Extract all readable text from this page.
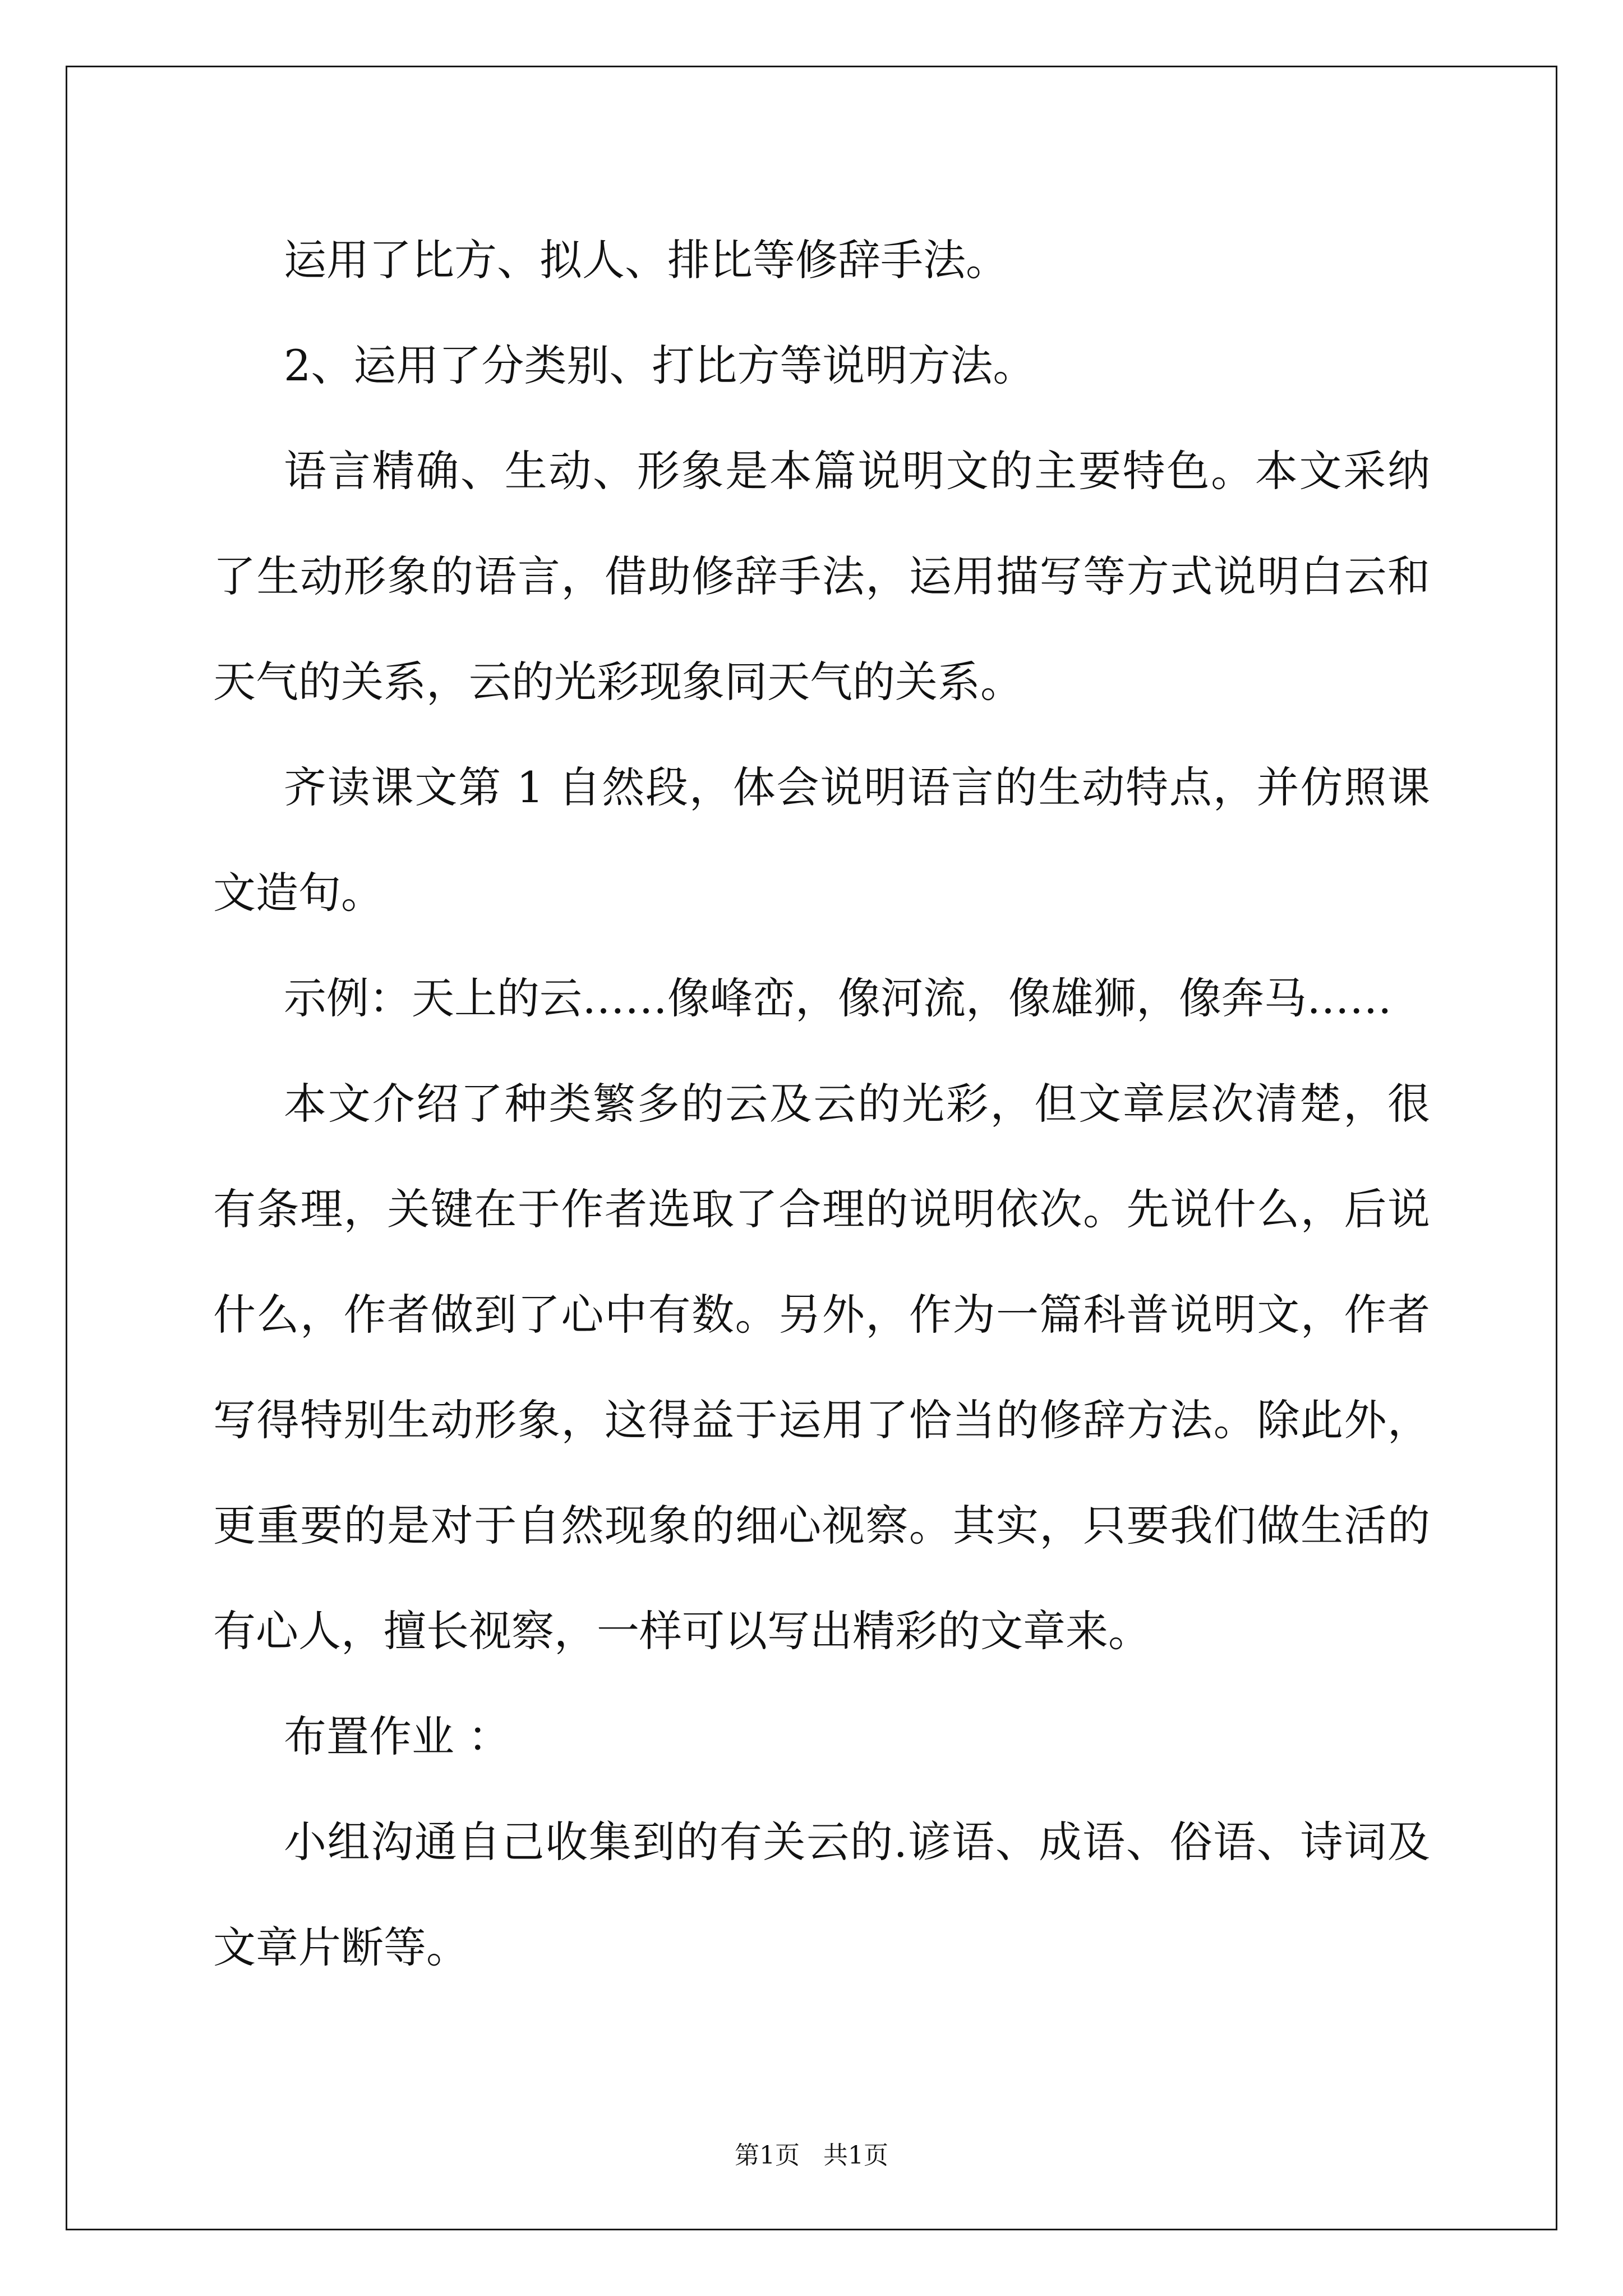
运用了比方、拟人、排比等修辞手法。

2、运用了分类别、打比方等说明方法。

语言精确、生动、形象是本篇说明文的主要特色。本文采纳了生动形象的语言，借助修辞手法，运用描写等方式说明白云和天气的关系，云的光彩现象同天气的关系。

齐读课文第 1 自然段，体会说明语言的生动特点，并仿照课文造句。

示例：天上的云……像峰峦，像河流，像雄狮，像奔马……

本文介绍了种类繁多的云及云的光彩，但文章层次清楚，很有条理，关键在于作者选取了合理的说明依次。先说什么，后说什么，作者做到了心中有数。另外，作为一篇科普说明文，作者写得特别生动形象，这得益于运用了恰当的修辞方法。除此外，更重要的是对于自然现象的细心视察。其实，只要我们做生活的有心人，擅长视察，一样可以写出精彩的文章来。

布置作业 ：

小组沟通自己收集到的有关云的.谚语、成语、俗语、诗词及文章片断等。

第1页   共1页
